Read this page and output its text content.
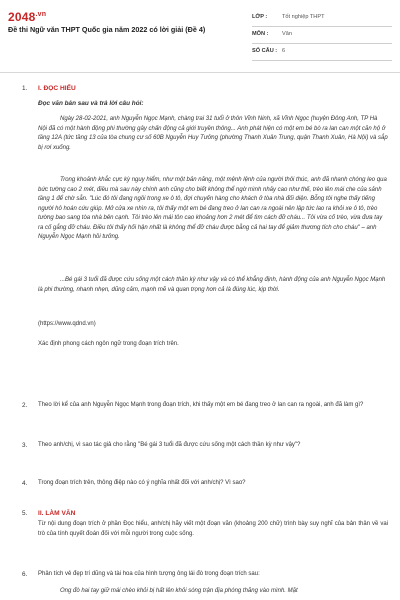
$2048^{.vn}$
Đề thi Ngữ văn THPT Quốc gia năm 2022 có lời giải (Đề 4)
LỚP :	Tốt nghiệp THPT
MÔN : Văn
SỐ CÂU : 6
1. I. ĐỌC HIỂU
Đọc văn bản sau và trả lời câu hỏi:
Ngày 28-02-2021, anh Nguyễn Ngọc Mạnh, chàng trai 31 tuổi ở thôn Vĩnh Ninh, xã Vĩnh Ngọc (huyện Đông Anh, TP Hà Nội đã có một hành động phi thường gây chấn động cả giới truyền thông... Anh phát hiện có một em bé bò ra lan can một căn hộ ở tầng 12A (tức tầng 13 của tòa chung cư số 60B Nguyễn Huy Tưởng (phường Thanh Xuân Trung, quận Thanh Xuân, Hà Nội) và sắp bị rơi xuống.
Trong khoảnh khắc cực kỳ nguy hiểm, như một bản năng, một mệnh lệnh của người thôi thúc, anh đã nhanh chóng leo qua bức tường cao 2 mét, điều mà sau này chính anh cũng cho biết không thể ngờ mình nhảy cao như thế, trèo lên mái che của sảnh tầng 1 để chờ sẵn. "Lúc đó tôi đang ngồi trong xe ô tô, đợi chuyến hàng cho khách ở tòa nhà đối diện. Bỗng tôi nghe thấy tiếng người hô hoán cứu giúp. Mở cửa xe nhìn ra, tôi thấy một em bé đang treo ở lan can ra ngoài nên lập tức lao ra khỏi xe ô tô, trèo tường bao sang tòa nhà bên cạnh. Tôi trèo lên mái tôn cao khoảng hơn 2 mét để tìm cách đỡ cháu... Tôi vừa cố trèo, vừa đưa tay ra cố gắng đỡ cháu. Điều tôi thấy hối hận nhất là không thể đỡ cháu được bằng cả hai tay để giảm thương tích cho cháu" – anh Nguyễn Ngọc Mạnh hồi tưởng.
...Bé gái 3 tuổi đã được cứu sống một cách thần kỳ như vậy và có thể khẳng định, hành động của anh Nguyễn Ngọc Mạnh là phi thường, nhanh nhẹn, dũng cảm, mạnh mẽ và quan trọng hơn cả là đúng lúc, kịp thời.
(https://www.qdnd.vn)
Xác định phong cách ngôn ngữ trong đoạn trích trên.
2. Theo lời kể của anh Nguyễn Ngọc Mạnh trong đoạn trích, khi thấy một em bé đang treo ở lan can ra ngoài, anh đã làm gì?
3. Theo anh/chị, vì sao tác giả cho rằng "Bé gái 3 tuổi đã được cứu sống một cách thần kỳ như vậy"?
4. Trong đoạn trích trên, thông điệp nào có ý nghĩa nhất đối với anh/chị? Vì sao?
5. II. LÀM VĂN
Từ nội dung đoạn trích ở phần Đọc hiểu, anh/chị hãy viết một đoạn văn (khoảng 200 chữ) trình bày suy nghĩ của bản thân về vai trò của tính quyết đoán đối với mỗi người trong cuộc sống.
6. Phân tích vẻ đẹp trí dũng và tài hoa của hình tượng ông lái đò trong đoạn trích sau:
Ông đò hai tay giữ mái chèo khỏi bị hất lên khỏi sóng trận địa phóng thẳng vào mình. Mặt
